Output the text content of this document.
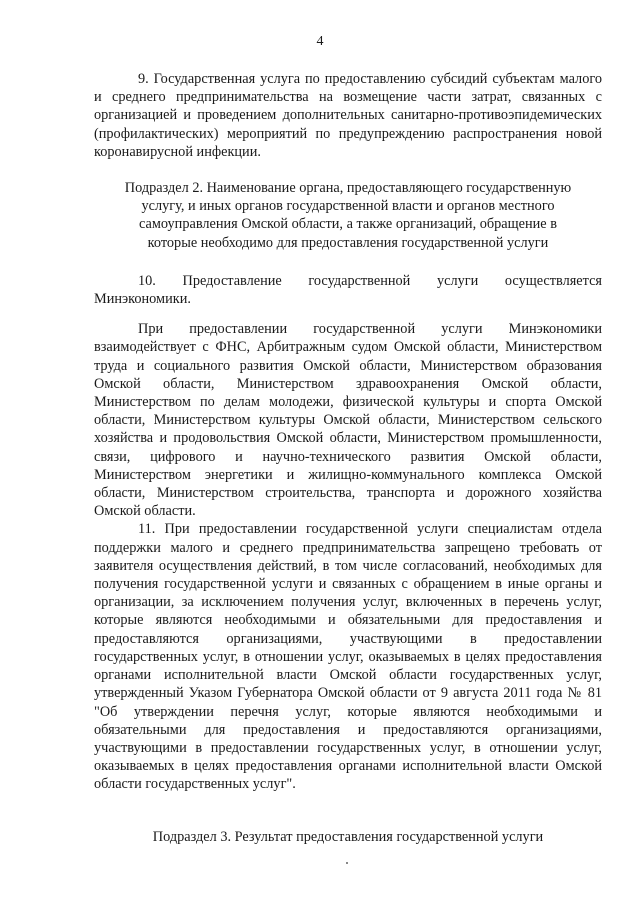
4

9. Государственная услуга по предоставлению субсидий субъектам малого и среднего предпринимательства на возмещение части затрат, связанных с организацией и проведением дополнительных санитарно-противоэпидемических (профилактических) мероприятий по предупреждению распространения новой коронавирусной инфекции.

Подраздел 2. Наименование органа, предоставляющего государственную услугу, и иных органов государственной власти и органов местного самоуправления Омской области, а также организаций, обращение в которые необходимо для предоставления государственной услуги

10. Предоставление государственной услуги осуществляется Минэкономики.

При предоставлении государственной услуги Минэкономики взаимодействует с ФНС, Арбитражным судом Омской области, Министерством труда и социального развития Омской области, Министерством образования Омской области, Министерством здравоохранения Омской области, Министерством по делам молодежи, физической культуры и спорта Омской области, Министерством культуры Омской области, Министерством сельского хозяйства и продовольствия Омской области, Министерством промышленности, связи, цифрового и научно-технического развития Омской области, Министерством энергетики и жилищно-коммунального комплекса Омской области, Министерством строительства, транспорта и дорожного хозяйства Омской области.

11. При предоставлении государственной услуги специалистам отдела поддержки малого и среднего предпринимательства запрещено требовать от заявителя осуществления действий, в том числе согласований, необходимых для получения государственной услуги и связанных с обращением в иные органы и организации, за исключением получения услуг, включенных в перечень услуг, которые являются необходимыми и обязательными для предоставления и предоставляются организациями, участвующими в предоставлении государственных услуг, в отношении услуг, оказываемых в целях предоставления органами исполнительной власти Омской области государственных услуг, утвержденный Указом Губернатора Омской области от 9 августа 2011 года № 81 "Об утверждении перечня услуг, которые являются необходимыми и обязательными для предоставления и предоставляются организациями, участвующими в предоставлении государственных услуг, в отношении услуг, оказываемых в целях предоставления органами исполнительной власти Омской области государственных услуг".

Подраздел 3. Результат предоставления государственной услуги
